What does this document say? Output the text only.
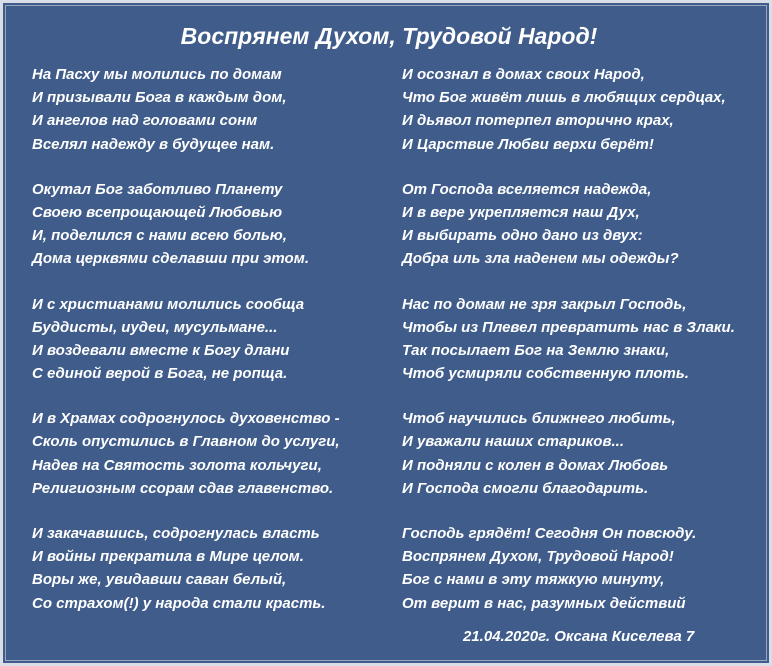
Воспрянем Духом, Трудовой Народ!
На Пасху мы молились по домам
И призывали Бога в каждым дом,
И ангелов над головами сонм
Вселял надежду в будущее нам.
Окутал Бог заботливо Планету
Своею всепрощающей Любовью
И, поделился с нами всею болью,
Дома церквями сделавши при этом.
И с христианами молились сообща
Буддисты, иудеи, мусульмане...
И воздевали вместе к Богу длани
С единой верой в Бога, не ропща.
И в Храмах содрогнулось духовенство -
Сколь опустились в Главном до услуги,
Надев на Святость золота кольчуги,
Религиозным ссорам сдав главенство.
И закачавшись, содрогнулась власть
И войны прекратила в Мире целом.
Воры же, увидавши саван белый,
Со страхом(!) у народа стали красть.
И осознал в домах своих Народ,
Что Бог живёт лишь в любящих сердцах,
И дьявол потерпел вторично крах,
И Царствие Любви верхи берёт!
От Господа вселяется надежда,
И в вере укрепляется наш Дух,
И выбирать одно дано из двух:
Добра иль зла наденем мы одежды?
Нас по домам не зря закрыл Господь,
Чтобы из Плевел превратить нас в Злаки.
Так посылает Бог на Землю знаки,
Чтоб усмиряли собственную плоть.
Чтоб научились ближнего любить,
И уважали наших стариков...
И подняли с колен в домах Любовь
И Господа смогли благодарить.
Господь грядёт! Сегодня Он повсюду.
Воспрянем Духом, Трудовой Народ!
Бог с нами в эту тяжкую минуту,
От верит в нас, разумных действий
21.04.2020г. Оксана Киселева 7
